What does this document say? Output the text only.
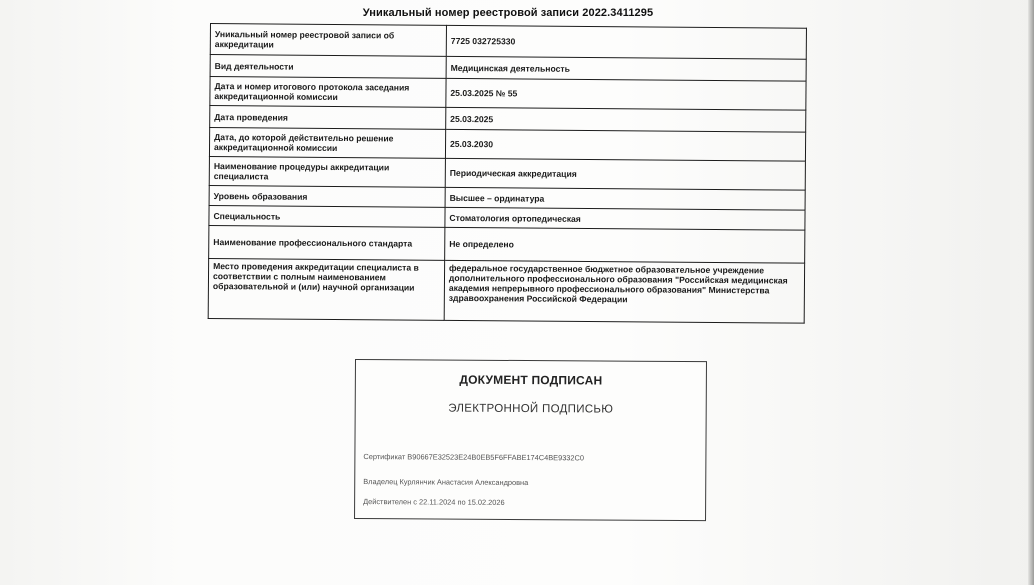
Уникальный номер реестровой записи 2022.3411295
Уникальный номер реестровой записи об аккредитации	7725 032725330
Вид деятельности	Медицинская деятельность
Дата и номер итогового протокола заседания аккредитационной комиссии	25.03.2025 № 55
Дата проведения	25.03.2025
Дата, до которой действительно решение аккредитационной комиссии	25.03.2030
Наименование процедуры аккредитации специалиста	Периодическая аккредитация
Уровень образования	Высшее – ординатура
Специальность	Стоматология ортопедическая
Наименование профессионального стандарта	Не определено
Место проведения аккредитации специалиста в соответствии с полным наименованием образовательной и (или) научной организации	федеральное государственное бюджетное образовательное учреждение дополнительного профессионального образования "Российская медицинская академия непрерывного профессионального образования" Министерства здравоохранения Российской Федерации
ДОКУМЕНТ ПОДПИСАН
ЭЛЕКТРОННОЙ ПОДПИСЬЮ
Сертификат B90667E32523E24B0EB5F6FFABE174C4BE9332C0
Владелец Курлянчик Анастасия Александровна
Действителен с 22.11.2024 по 15.02.2026
